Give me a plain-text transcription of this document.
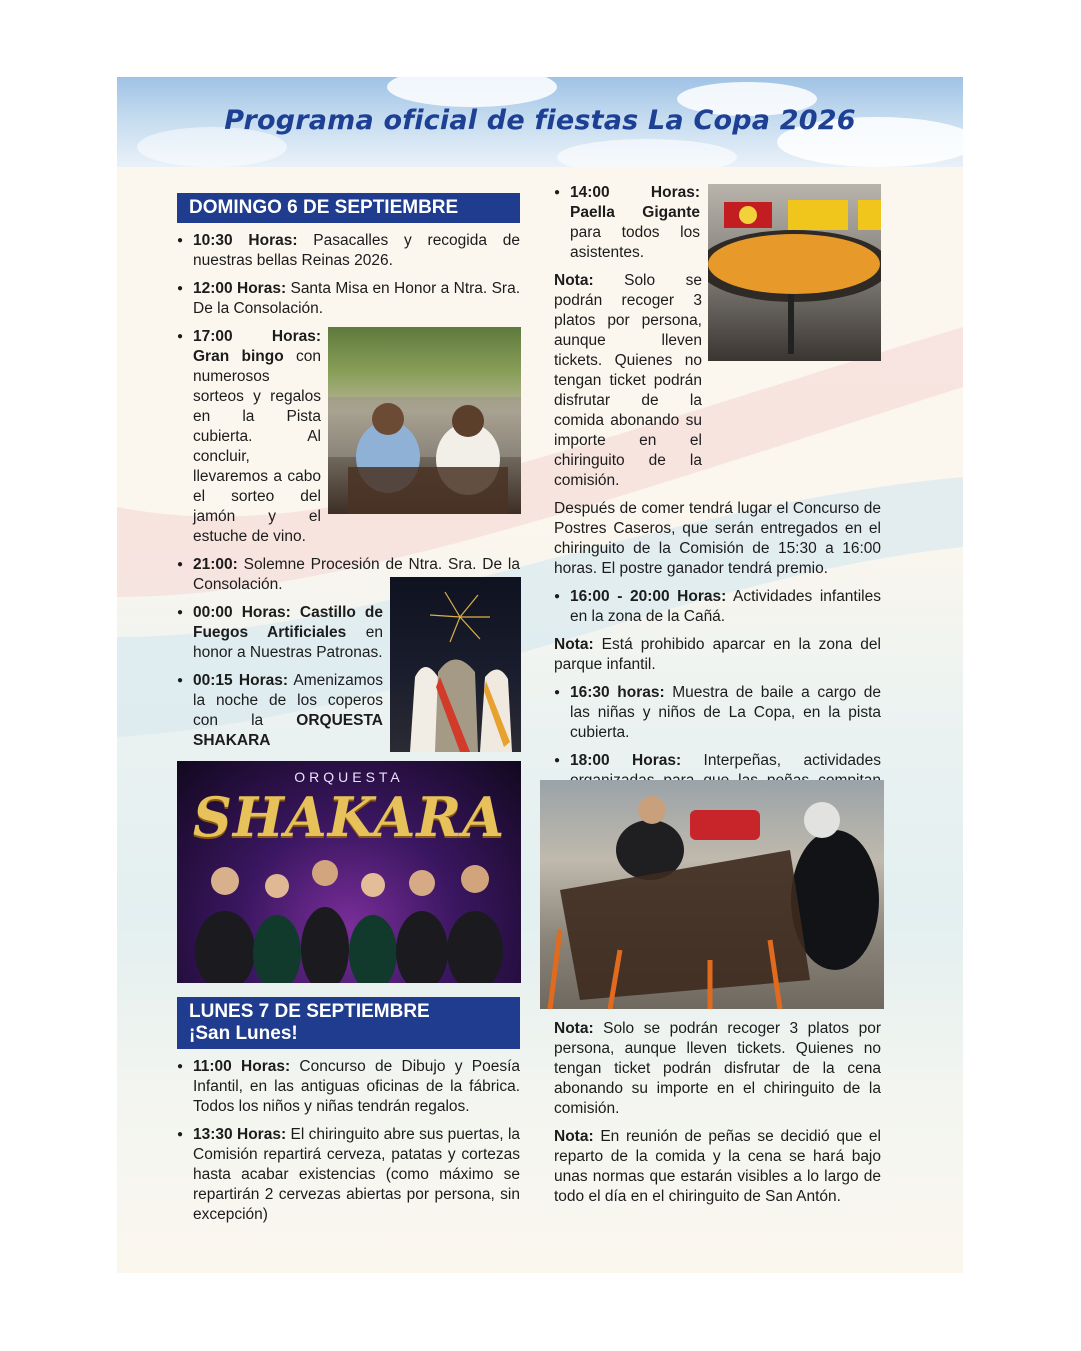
Programa oficial de fiestas La Copa 2026
DOMINGO 6 DE SEPTIEMBRE
● 10:30 Horas: Pasacalles y recogida de nuestras bellas Reinas 2026.
● 12:00 Horas: Santa Misa en Honor a Ntra. Sra. De la Consolación.
● 17:00 Horas: Gran bingo con numerosos sorteos y regalos en la Pista cubierta. Al concluir, llevaremos a cabo el sorteo del jamón y el estuche de vino.
● 21:00: Solemne Procesión de Ntra. Sra. De la Consolación.
● 00:00 Horas: Castillo de Fuegos Artificiales en honor a Nuestras Patronas.
● 00:15 Horas: Amenizamos la noche de los coperos con la ORQUESTA SHAKARA
ORQUESTA
SHAKARA
LUNES 7 DE SEPTIEMBRE
¡San Lunes!
● 11:00 Horas: Concurso de Dibujo y Poesía Infantil, en las antiguas oficinas de la fábrica. Todos los niños y niñas tendrán regalos.
● 13:30 Horas: El chiringuito abre sus puertas, la Comisión repartirá cerveza, patatas y cortezas hasta acabar existencias (como máximo se repartirán 2 cervezas abiertas por persona, sin excepción)
● 14:00 Horas: Paella Gigante para todos los asistentes.
Nota: Solo se podrán recoger 3 platos por persona, aunque lleven tickets. Quienes no tengan ticket podrán disfrutar de la comida abonando su importe en el chiringuito de la comisión.
Después de comer tendrá lugar el Concurso de Postres Caseros, que serán entregados en el chiringuito de la Comisión de 15:30 a 16:00 horas. El postre ganador tendrá premio.
● 16:00 - 20:00 Horas: Actividades infantiles en la zona de la Cañá.
Nota: Está prohibido aparcar en la zona del parque infantil.
● 16:30 horas: Muestra de baile a cargo de las niñas y niños de La Copa, en la pista cubierta.
● 18:00 Horas: Interpeñas, actividades
●
Nota: Solo se podrán recoger 3 platos por persona, aunque lleven tickets. Quienes no tengan ticket podrán disfrutar de la cena abonando su importe en el chiringuito de la comisión.
Nota: En reunión de peñas se decidió que el reparto de la comida y la cena se hará bajo unas normas que estarán visibles a lo largo de todo el día en el chiringuito de San Antón.
